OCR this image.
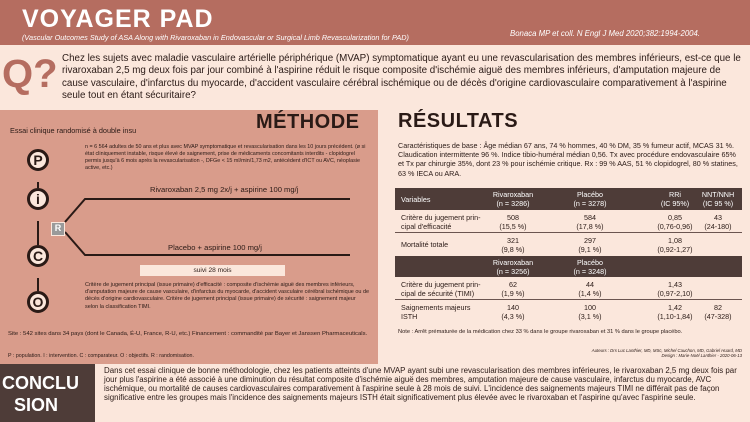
VOYAGER PAD
(Vascular Outcomes Study of ASA Along with Rivaroxaban in Endovascular or Surgical Limb Revascularization for PAD)	Bonaca MP et coll. N Engl J Med 2020;382:1994-2004.
Q? Chez les sujets avec maladie vasculaire artérielle périphérique (MVAP) symptomatique ayant eu une revascularisation des membres inférieurs, est-ce que le rivaroxaban 2,5 mg deux fois par jour combiné à l'aspirine réduit le risque composite d'ischémie aiguë des membres inférieurs, d'amputation majeure de cause vasculaire, d'infarctus du myocarde, d'accident vasculaire cérébral ischémique ou de décès d'origine cardiovasculaire comparativement à l'aspirine seule tout en étant sécuritaire?
MÉTHODE
Essai clinique randomisé à double insu
P
i
R
C
O
n = 6 564 adultes de 50 ans et plus avec MVAP symptomatique et revascularisation dans les 10 jours précédent. (ø si état cliniquement instable, risque élevé de saignement, prise de médicaments concomitants interdits - clopidogrel permis jusqu'à 6 mois après la revascularisation -, DFGe < 15 ml/min/1,73 m2, antécédent d'ICT ou AVC, néoplasie active, etc.)
Rivaroxaban 2,5 mg 2x/j + aspirine 100 mg/j
Placebo + aspirine 100 mg/j
suivi 28 mois
Critère de jugement principal (issue primaire) d'efficacité : composite d'ischémie aiguë des membres inférieurs, d'amputation majeure de cause vasculaire, d'infarctus du myocarde, d'accident vasculaire cérébral ischémique ou de décès d'origine cardiovasculaire. Critère de jugement principal (issue primaire) de sécurité : saignement majeur selon la classification TIMI.
Site : 542 sites dans 34 pays (dont le Canada, É-U, France, R-U, etc.) Financement : commandité par Bayer et Janssen Pharmaceuticals.
P : population. I : intervention. C : comparateur. O : objectifs. R : randomisation.
RÉSULTATS
Caractéristiques de base : Âge médian 67 ans, 74 % hommes, 40 % DM, 35 % fumeur actif, MCAS 31 %. Claudication intermittente 96 %. Indice tibio-huméral médian 0,56. Tx avec procédure endovasculaire 65% et Tx par chirurgie 35%, dont 23 % pour ischémie critique. Rx : 99 % AAS, 51 % clopidogrel, 80 % statines, 63 % IECA ou ARA.
Variables
Rivaroxaban
(n = 3286)
Placébo
(n = 3278)
RRi
(IC 95%)
NNT/NNH
(IC 95 %)
Critère du jugement prin-
cipal d'efficacité
508
(15,5 %)
584
(17,8 %)
0,85
(0,76-0,96)
43
(24-180)
Mortalité totale	321
(9,8 %)
297
(9,1 %)
1,08
(0,92-1,27)
Rivaroxaban
(n = 3256)
Placébo
(n = 3248)
Critère du jugement prin-
cipal de sécurité (TIMI)
62
(1,9 %)
44
(1,4 %)
1,43
(0,97-2,10)
Saignements majeurs
ISTH
140
(4,3 %)
100
(3,1 %)
1,42
(1,10-1,84)
82
(47-328)
Note : Arrêt prématurée de la médication chez 33 % dans le groupe rivaroxaban et 31 % dans le groupe placébo.
Auteurs : Drs Luc Lanthier, MD, MSc, Michel Cauchon, MD, Gabriel Huard, MD
Design : Marie-Noël Lanthier - 2020-06-13
CONCLU
SION
Dans cet essai clinique de bonne méthodologie, chez les patients atteints d'une MVAP ayant subi une revascularisation des membres inférieures, le rivaroxaban 2,5 mg deux fois par jour plus l'aspirine a été associé à une diminution du résultat composite d'ischémie aiguë des membres, amputation majeure de cause vasculaire, infarctus du myocarde, AVC ischémique, ou mortalité de causes cardiovasculaires comparativement à l'aspirine seule à 28 mois de suivi. L'incidence des saignements majeurs TIMI ne différait pas de façon significative entre les groupes mais l'incidence des saignements majeurs ISTH était significativement plus élevée avec le rivaroxaban et l'aspirine qu'avec l'aspirine seule.
